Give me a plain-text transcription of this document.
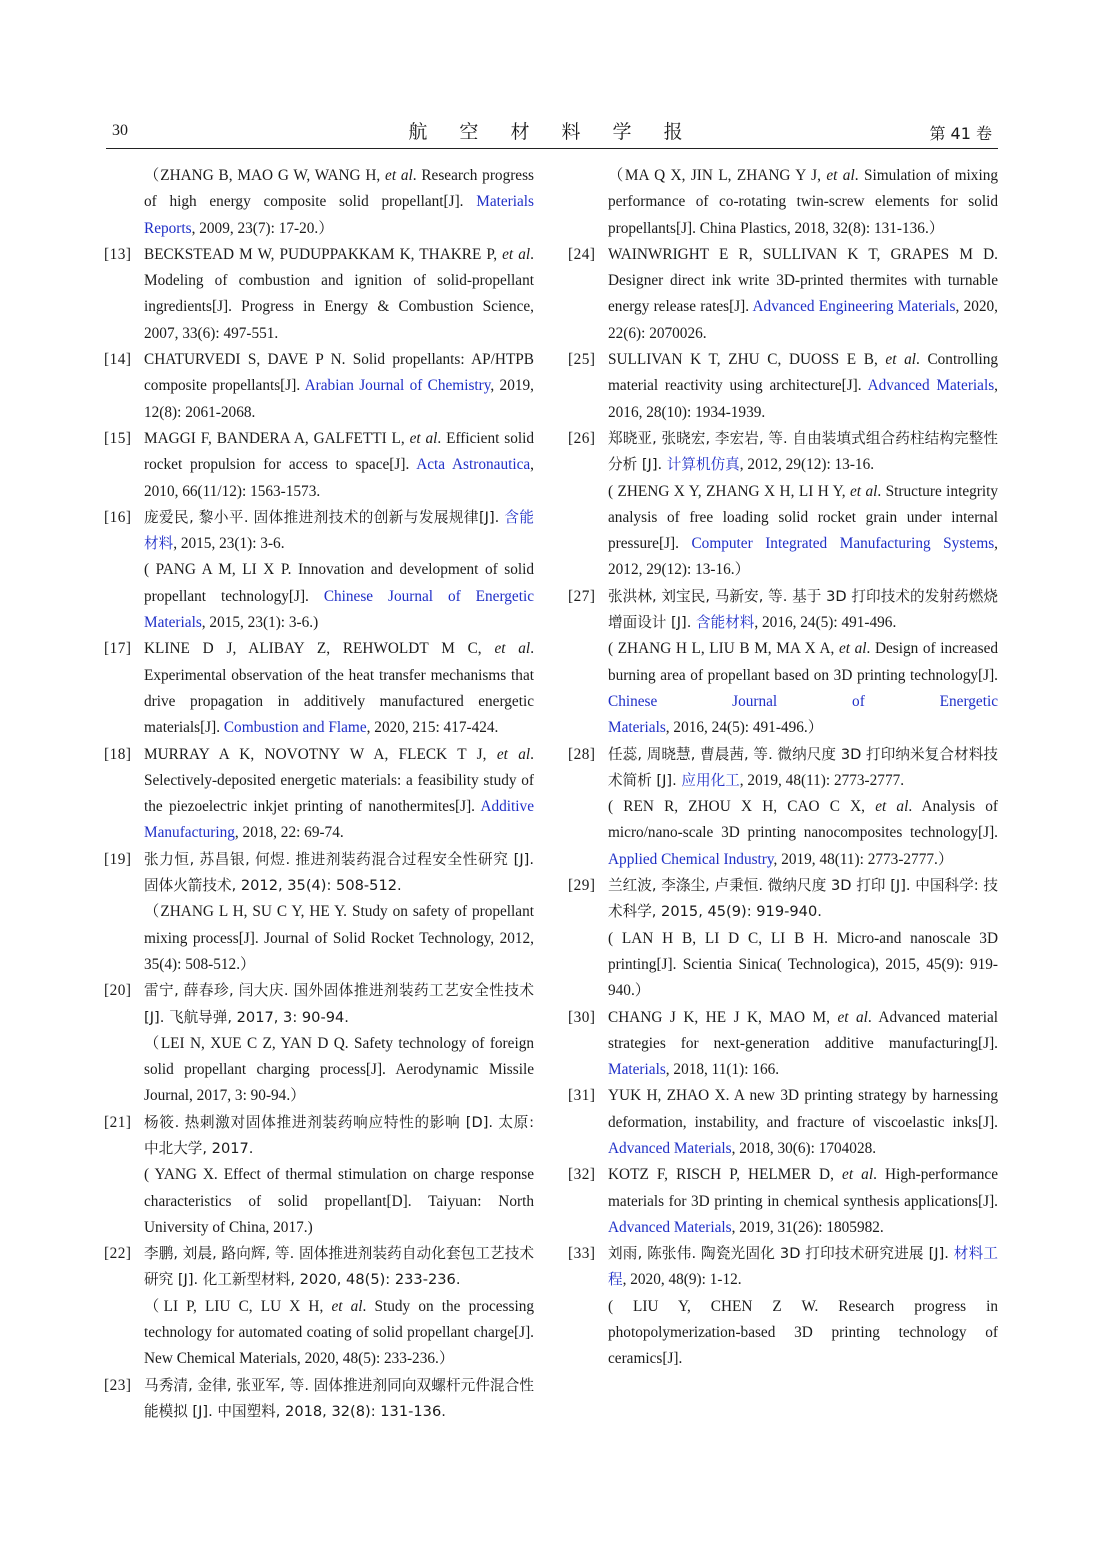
30	航 空 材 料 学 报	第 41 卷
（ZHANG B, MAO G W, WANG H, et al. Research progress of high energy composite solid propellant[J]. Materials Reports, 2009, 23(7): 17-20.）
[13] BECKSTEAD M W, PUDUPPAKKAM K, THAKRE P, et al. Modeling of combustion and ignition of solid-propellant ingredients[J]. Progress in Energy & Combustion Science, 2007, 33(6): 497-551.
[14] CHATURVEDI S, DAVE P N. Solid propellants: AP/HTPB composite propellants[J]. Arabian Journal of Chemistry, 2019, 12(8): 2061-2068.
[15] MAGGI F, BANDERA A, GALFETTI L, et al. Efficient solid rocket propulsion for access to space[J]. Acta Astronautica, 2010, 66(11/12): 1563-1573.
[16] 庞爱民, 黎小平. 固体推进剂技术的创新与发展规律[J]. 含能材料, 2015, 23(1): 3-6.
( PANG A M, LI X P. Innovation and development of solid propellant technology[J]. Chinese Journal of Energetic Materials, 2015, 23(1): 3-6.)
[17] KLINE D J, ALIBAY Z, REHWOLDT M C, et al. Experimental observation of the heat transfer mechanisms that drive propagation in additively manufactured energetic materials[J]. Combustion and Flame, 2020, 215: 417-424.
[18] MURRAY A K, NOVOTNY W A, FLECK T J, et al. Selectively-deposited energetic materials: a feasibility study of the piezoelectric inkjet printing of nanothermites[J]. Additive Manufacturing, 2018, 22: 69-74.
[19] 张力恒, 苏昌银, 何煜. 推进剂装药混合过程安全性研究 [J]. 固体火箭技术, 2012, 35(4): 508-512.
（ZHANG L H, SU C Y, HE Y. Study on safety of propellant mixing process[J]. Journal of Solid Rocket Technology, 2012, 35(4): 508-512.）
[20] 雷宁, 薛春珍, 闫大庆. 国外固体推进剂装药工艺安全性技术 [J]. 飞航导弹, 2017, 3: 90-94.
（LEI N, XUE C Z, YAN D Q. Safety technology of foreign solid propellant charging process[J]. Aerodynamic Missile Journal, 2017, 3: 90-94.）
[21] 杨筱. 热刺激对固体推进剂装药响应特性的影响 [D]. 太原: 中北大学, 2017.
( YANG X. Effect of thermal stimulation on charge response characteristics of solid propellant[D]. Taiyuan: North University of China, 2017.)
[22] 李鹏, 刘晨, 路向辉, 等. 固体推进剂装药自动化套包工艺技术研究 [J]. 化工新型材料, 2020, 48(5): 233-236.
（LI P, LIU C, LU X H, et al. Study on the processing technology for automated coating of solid propellant charge[J]. New Chemical Materials, 2020, 48(5): 233-236.）
[23] 马秀清, 金律, 张亚军, 等. 固体推进剂同向双螺杆元件混合性能模拟 [J]. 中国塑料, 2018, 32(8): 131-136.
（MA Q X, JIN L, ZHANG Y J, et al. Simulation of mixing performance of co-rotating twin-screw elements for solid propellants[J]. China Plastics, 2018, 32(8): 131-136.）
[24] WAINWRIGHT E R, SULLIVAN K T, GRAPES M D. Designer direct ink write 3D-printed thermites with turnable energy release rates[J]. Advanced Engineering Materials, 2020, 22(6): 2070026.
[25] SULLIVAN K T, ZHU C, DUOSS E B, et al. Controlling material reactivity using architecture[J]. Advanced Materials, 2016, 28(10): 1934-1939.
[26] 郑晓亚, 张晓宏, 李宏岩, 等. 自由装填式组合药柱结构完整性分析 [J]. 计算机仿真, 2012, 29(12): 13-16.
( ZHENG X Y, ZHANG X H, LI H Y, et al. Structure integrity analysis of free loading solid rocket grain under internal pressure[J]. Computer Integrated Manufacturing Systems, 2012, 29(12): 13-16.）
[27] 张洪林, 刘宝民, 马新安, 等. 基于 3D 打印技术的发射药燃烧增面设计 [J]. 含能材料, 2016, 24(5): 491-496.
( ZHANG H L, LIU B M, MA X A, et al. Design of increased burning area of propellant based on 3D printing technology[J]. Chinese Journal of Energetic Materials, 2016, 24(5): 491-496.）
[28] 任蕊, 周晓慧, 曹晨茜, 等. 微纳尺度 3D 打印纳米复合材料技术简析 [J]. 应用化工, 2019, 48(11): 2773-2777.
( REN R, ZHOU X H, CAO C X, et al. Analysis of micro/nano-scale 3D printing nanocomposites technology[J]. Applied Chemical Industry, 2019, 48(11): 2773-2777.）
[29] 兰红波, 李涤尘, 卢秉恒. 微纳尺度 3D 打印 [J]. 中国科学: 技术科学, 2015, 45(9): 919-940.
( LAN H B, LI D C, LI B H. Micro-and nanoscale 3D printing[J]. Scientia Sinica( Technologica), 2015, 45(9): 919-940.）
[30] CHANG J K, HE J K, MAO M, et al. Advanced material strategies for next-generation additive manufacturing[J]. Materials, 2018, 11(1): 166.
[31] YUK H, ZHAO X. A new 3D printing strategy by harnessing deformation, instability, and fracture of viscoelastic inks[J]. Advanced Materials, 2018, 30(6): 1704028.
[32] KOTZ F, RISCH P, HELMER D, et al. High-performance materials for 3D printing in chemical synthesis applications[J]. Advanced Materials, 2019, 31(26): 1805982.
[33] 刘雨, 陈张伟. 陶瓷光固化 3D 打印技术研究进展 [J]. 材料工程, 2020, 48(9): 1-12.
( LIU Y, CHEN Z W. Research progress in photopolymerization-based 3D printing technology of ceramics[J].
